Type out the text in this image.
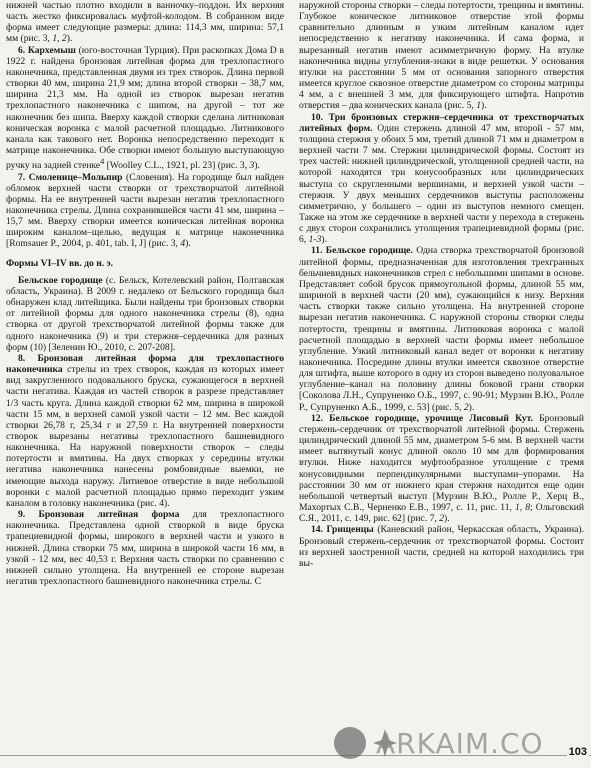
нижней частью плотно входили в ванночку–поддон. Их верхняя часть жестко фиксировалась муфтой-колодом. В собранном виде форма имеет следующие размеры: длина: 114,3 мм, ширина: 57,1 мм (рис. 3, 1, 2).

6. Кархемыш (юго-восточная Турция). При раскопках Дома D в 1922 г. найдена бронзовая литейная форма для трехлопастного наконечника, представленная двумя из трех створок. Длина первой створки 40 мм, ширина 21,9 мм; длина второй створки – 38,7 мм, ширина 21,3 мм. На одной из створок вырезан негатив трехлопастного наконечника с шипом, на другой – тот же наконечник без шипа. Вверху каждой створки сделана литниковая коническая воронка с малой расчетной площадью. Литникового канала как такового нет. Воронка непосредственно переходит к матрице наконечника. Обе створки имеют большую выступающую ручку на задней стенке$^4$ [Woolley C.L., 1921, pl. 23] (рис. 3, 3).

7. Смоленице–Мольпир (Словения). На городище был найден обломок верхней части створки от трехстворчатой литейной формы. На ее внутренней части вырезан негатив трехлопастного наконечника стрелы. Длина сохранившейся части 41 мм, ширина – 15,7 мм. Вверху створки имеется коническая литейная воронка широким каналом–щелью, ведущая к матрице наконечника [Romsauer P., 2004, p. 401, tab. I, J] (рис. 3, 4).

Формы VI–IV вв. до н. э.

Бельское городище (с. Бельск, Котелевский район, Полтавская область, Украина). В 2009 г. недалеко от Бельского городища был обнаружен клад литейщика. Были найдены три бронзовых створки от литейной формы для одного наконечника стрелы (8), одна створка от другой трехстворчатой литейной формы также для одного наконечника (9) и три стержня–сердечника для разных форм (10) [Зеленин Ю., 2010, с. 207-208].

8. Бронзовая литейная форма для трехлопастного наконечника стрелы из трех створок, каждая из которых имеет вид закругленного подовального бруска, сужающегося в верхней части негатива. Каждая из частей створок в разрезе представляет 1/3 часть круга. Длина каждой створки 62 мм, ширина в широкой части 15 мм, в верхней самой узкой части – 12 мм. Вес каждой створки 26,78 г, 25,34 г и 27,59 г. На внутренней поверхности створок вырезаны негативы трехлопастного башневидного наконечника. На наружной поверхности створок – следы потертости и вмятины. На двух створках у середины втулки негатива наконечника нанесены ромбовидные выемки, не имеющие выхода наружу. Литиевое отверстие в виде небольшой воронки с малой расчетной площадью прямо переходит узким каналом в головку наконечника (рис. 4).

9. Бронзовая литейная форма для трехлопастного наконечника. Представлена одной створкой в виде бруска трапециевидной формы, широкого в верхней части и узкого в нижней. Длина створки 75 мм, ширина в широкой части 16 мм, в узкой - 12 мм, вес 40,53 г. Верхняя часть створки по сравнению с нижней сильно утолщена. На внутренней ее стороне вырезан негатив трехлопастного башневидного наконечника стрелы. С

наружной стороны створки – следы потертости, трещины и вмятины. Глубокое коническое литниковое отверстие этой формы сравнительно длинным и узким литейным каналом идет непосредственно к негативу наконечника. И сама форма, и вырезанный негатив имеют асимметричную форму. На втулке наконечника видны углубления-знаки в виде решетки. У основания втулки на расстоянии 5 мм от основания запорного отверстия имеется круглое сквозное отверстие диаметром со стороны матрицы 4 мм, а с внешней 3 мм, для фиксирующего штифта. Напротив отверстия – два конических канала (рис. 5, 1).

10. Три бронзовых стержня–сердечника от трехстворчатых литейных форм. Один стержень длиной 47 мм, второй - 57 мм, толщина стержня у обоих 5 мм, третий длиной 71 мм и диаметром в верхней части 7 мм. Стержни цилиндрической формы. Состоят из трех частей: нижней цилиндрической, утолщенной средней части, на которой находятся три конусообразных или цилиндрических выступа со скругленными вершинами, и верхней узкой части – стержня. У двух меньших сердечников выступы расположены симметрично, у большего – один из выступов немного смещен. Также на этом же сердечнике в верхней части у перехода в стержень с двух сторон сохранились утолщения трапециевидной формы (рис. 6, 1-3).

11. Бельское городище. Одна створка трехстворчатой бронзовой литейной формы, предназначенная для изготовления трехгранных бельчиевидных наконечников стрел с небольшими шипами в основе. Представляет собой брусок прямоугольной формы, длиной 55 мм, шириной в верхней части (20 мм), сужающийся к низу. Верхняя часть створки также сильно утолщена. На внутренней стороне вырезан негатив наконечника. С наружной стороны створки следы потертости, трещины и вмятины. Литниковая воронка с малой расчетной площадью в верхней части формы имеет небольшое углубление. Узкий литниковый канал ведет от воронки к негативу наконечника. Посредине длины втулки имеется сквозное отверстие для штифта, выше которого в одну из сторон выведено полуовальное углубление–канал на половину длины боковой грани створки [Соколова Л.Н., Супруненко О.Б., 1997, с. 90-91; Мурзин В.Ю., Ролле Р., Супруненко А.Б., 1999, с. 53] (рис. 5, 2).

12. Бельское городище, урочище Лисовый Кут. Бронзовый стержень-сердечник от трехстворчатой литейной формы. Стержень цилиндрический длиной 55 мм, диаметром 5-6 мм. В верхней части имеет вытянутый конус длиной около 10 мм для формирования втулки. Ниже находится муфтообразное утолщение с тремя конусовидными перпендикулярными выступами–упорами. На расстоянии 30 мм от нижнего края стержня находится еще один небольшой четвертый выступ [Мурзин В.Ю., Ролле Р., Херц В., Махортых С.В., Черненко Е.В., 1997, с. 11, рис. 11, 1, 8; Ольговский С.Я., 2011, с. 149, рис. 62] (рис. 7, 2).

14. Грищенцы (Каневский район, Черкасская область, Украина). Бронзовый стержень-сердечник от трехстворчатой формы. Состоит из верхней заостренной части, средней на которой находились три вы-

ARKAIM.CO 103
